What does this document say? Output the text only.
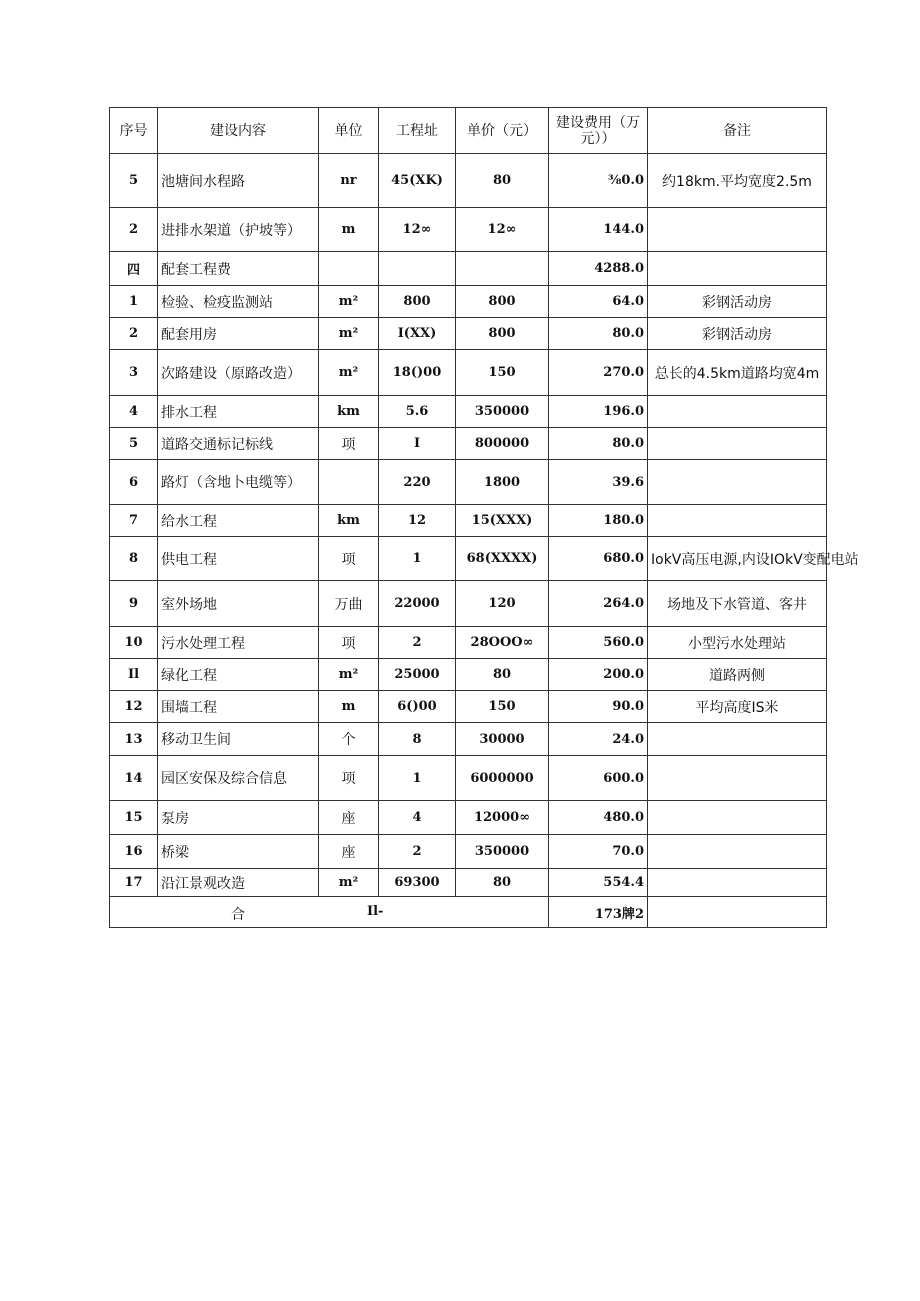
序号	建设内容	单位	工程址	单价（元）	建设费用（万元））	备注
5	池塘间水程路	nr	45(XK)	80	⅜0.0	约18km.平均宽度2.5m
2	进排水架道（护坡等）	m	12∞	12∞	144.0	
四	配套工程费				4288.0	
1	检验、检疫监测站	m²	800	800	64.0	彩钢活动房
2	配套用房	m²	I(XX)	800	80.0	彩钢活动房
3	次路建设（原路改造）	m²	18()00	150	270.0	总长的4.5km道路均宽4m
4	排水工程	km	5.6	350000	196.0	
5	道路交通标记标线	项	I	800000	80.0	
6	路灯（含地卜电缆等）		220	1800	39.6	
7	给水工程	km	12	15(XXX)	180.0	
8	供电工程	项	1	68(XXXX)	680.0	IokV高压电源,内设IOkV变配电站
9	室外场地	万曲	22000	120	264.0	场地及下水管道、客井
10	污水处理工程	项	2	28OOO∞	560.0	小型污水处理站
Il	绿化工程	m²	25000	80	200.0	道路两侧
12	围墙工程	m	6()00	150	90.0	平均高度IS米
13	移动卫生间	个	8	30000	24.0	
14	园区安保及综合信息	项	1	6000000	600.0	
15	泵房	座	4	12000∞	480.0	
16	桥梁	座	2	350000	70.0	
17	沿江景观改造	m²	69300	80	554.4	

合 Il-					173牌2	
